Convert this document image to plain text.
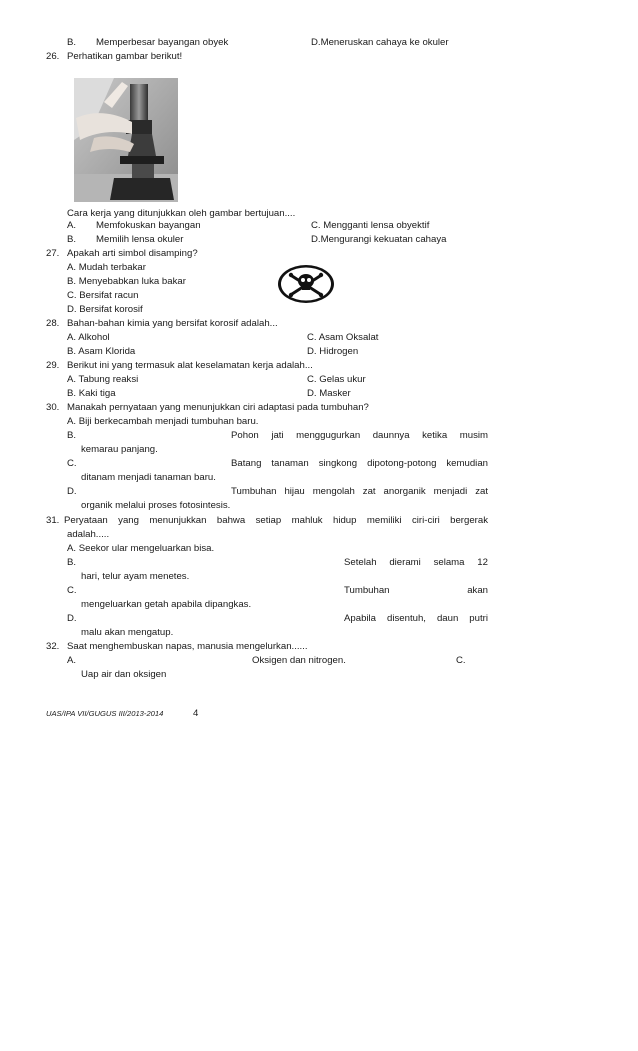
B. Memperbesar bayangan obyek	D.Meneruskan cahaya ke okuler
26. Perhatikan gambar berikut!
Cara kerja yang ditunjukkan oleh gambar bertujuan....
A. Memfokuskan bayangan	C. Mengganti lensa obyektif
B. Memilih lensa okuler	D.Mengurangi kekuatan cahaya
27. Apakah arti simbol disamping?
A. Mudah terbakar
B. Menyebabkan luka bakar
C. Bersifat racun
D. Bersifat korosif
28. Bahan-bahan kimia yang bersifat korosif adalah...
A. Alkohol	C. Asam Oksalat
B. Asam Klorida	D. Hidrogen
29. Berikut ini yang termasuk alat keselamatan kerja adalah...
A. Tabung reaksi	C. Gelas ukur
B. Kaki tiga	D. Masker
30. Manakah pernyataan yang menunjukkan ciri adaptasi pada tumbuhan?
A. Biji berkecambah menjadi tumbuhan baru.
B.	Pohon jati menggugurkan daunnya ketika musim
kemarau panjang.
C.	Batang tanaman singkong dipotong-potong kemudian
ditanam menjadi tanaman baru.
D.	Tumbuhan hijau mengolah zat anorganik menjadi zat
organik melalui proses fotosintesis.
31. Peryataan yang menunjukkan bahwa setiap mahluk hidup memiliki ciri-ciri bergerak
adalah.....
A. Seekor ular mengeluarkan bisa.
B.	Setelah dierami selama 12
hari, telur ayam menetes.
C.	Tumbuhan	akan
mengeluarkan getah apabila dipangkas.
D.	Apabila disentuh, daun putri
malu akan mengatup.
32. Saat menghembuskan napas, manusia mengelurkan......
A.	Oksigen dan nitrogen.	C.
Uap air dan oksigen
UAS/IPA VII/GUGUS III/2013-2014	4
